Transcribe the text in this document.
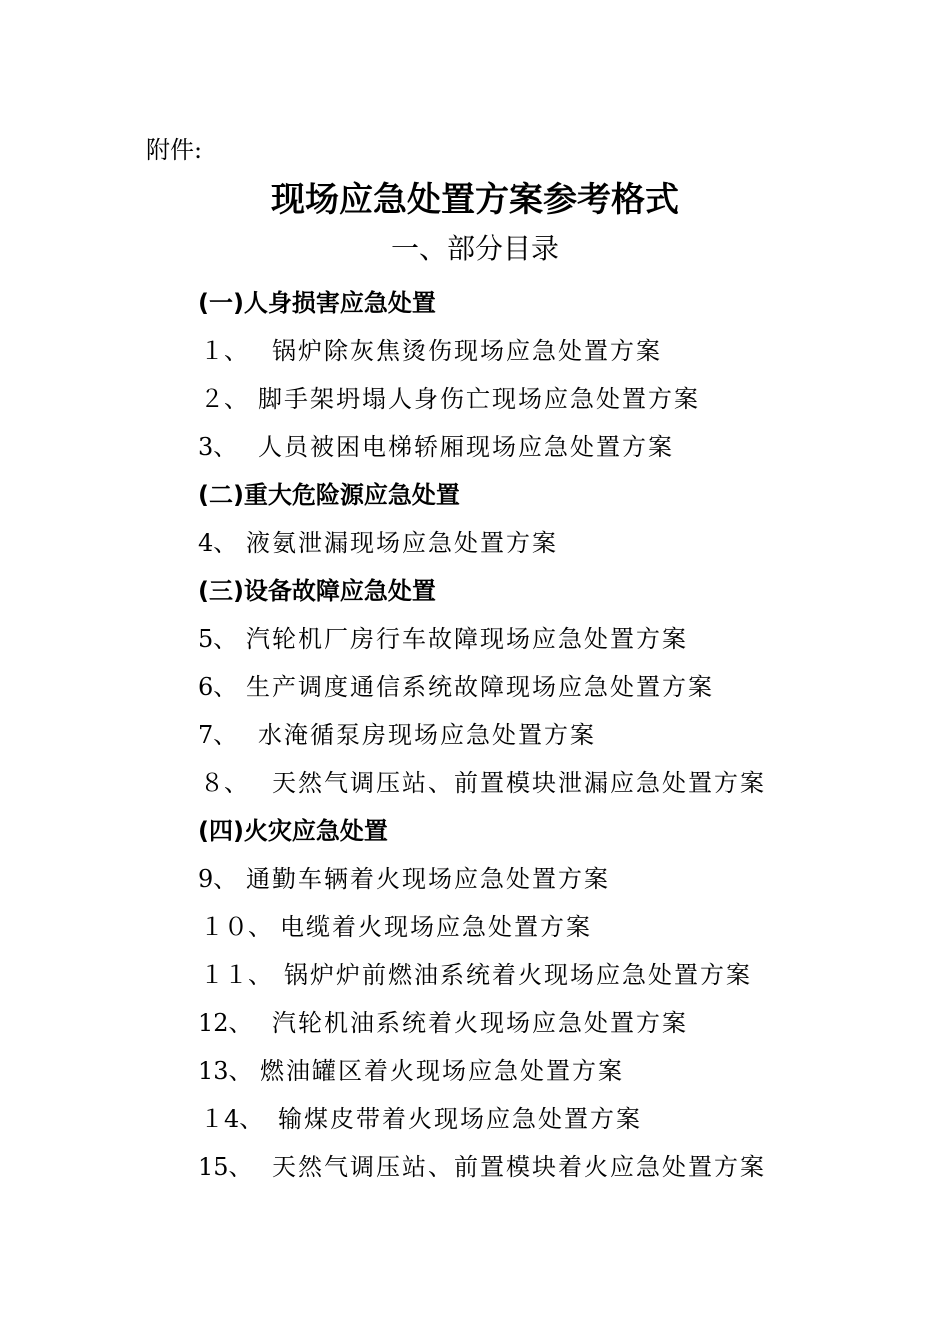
附件:
现场应急处置方案参考格式
一、部分目录
(一)人身损害应急处置
１、 锅炉除灰焦烫伤现场应急处置方案
２、 脚手架坍塌人身伤亡现场应急处置方案
3、 人员被困电梯轿厢现场应急处置方案
(二)重大危险源应急处置
4、 液氨泄漏现场应急处置方案
(三)设备故障应急处置
5、 汽轮机厂房行车故障现场应急处置方案
6、 生产调度通信系统故障现场应急处置方案
7、 水淹循泵房现场应急处置方案
８、 天然气调压站、前置模块泄漏应急处置方案
(四)火灾应急处置
9、 通勤车辆着火现场应急处置方案
１０、 电缆着火现场应急处置方案
１１、 锅炉炉前燃油系统着火现场应急处置方案
12、 汽轮机油系统着火现场应急处置方案
13、 燃油罐区着火现场应急处置方案
１4、 输煤皮带着火现场应急处置方案
15、 天然气调压站、前置模块着火应急处置方案
